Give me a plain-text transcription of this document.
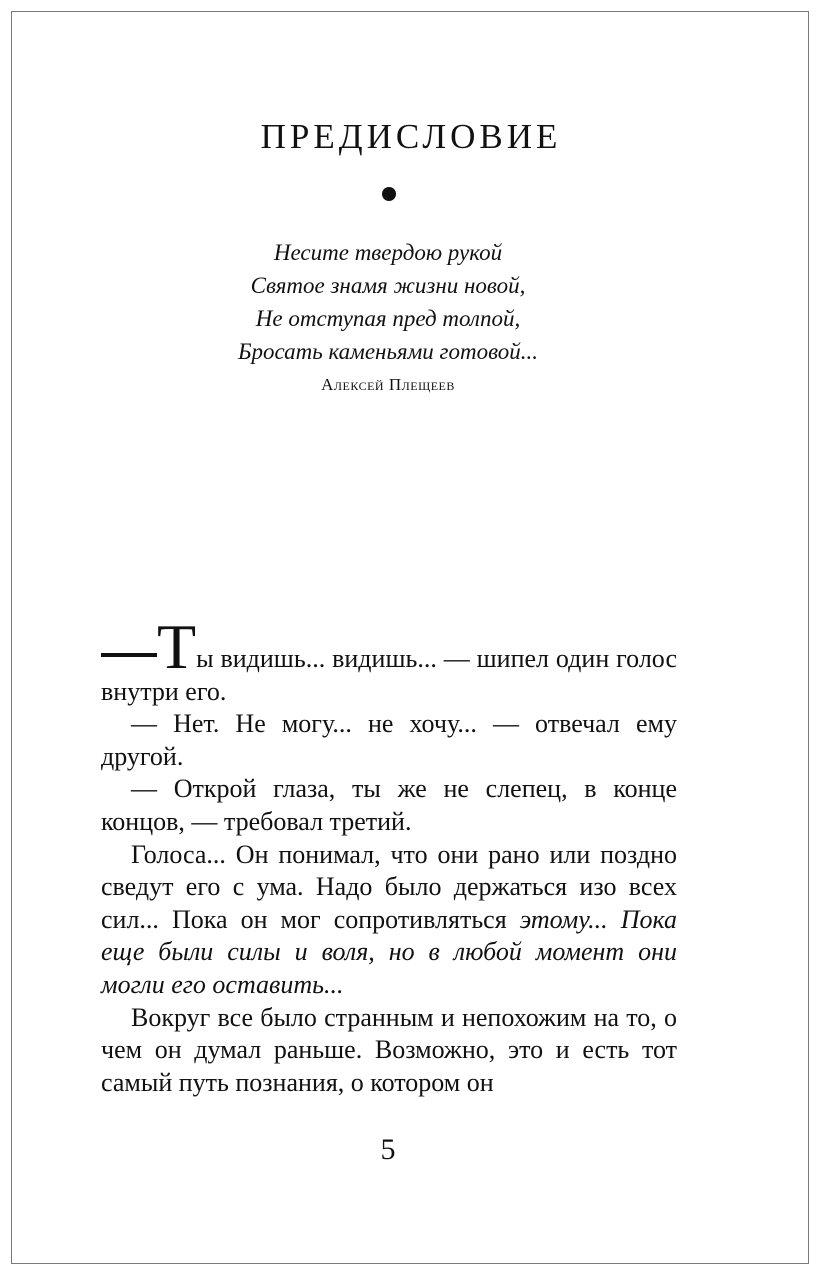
ПРЕДИСЛОВИЕ
Несите твердою рукой
Святое знамя жизни новой,
Не отступая пред толпой,
Бросать каменьями готовой...
Алексей Плещеев

Ты видишь... видишь... — шипел один голос внутри его.

— Нет. Не могу... не хочу... — отвечал ему другой.

— Открой глаза, ты же не слепец, в конце концов, — требовал третий.

Голоса... Он понимал, что они рано или поздно сведут его с ума. Надо было держаться изо всех сил... Пока он мог сопротивляться этому... Пока еще были силы и воля, но в любой момент они могли его оставить...

Вокруг все было странным и непохожим на то, о чем он думал раньше. Возможно, это и есть тот самый путь познания, о котором он

5
